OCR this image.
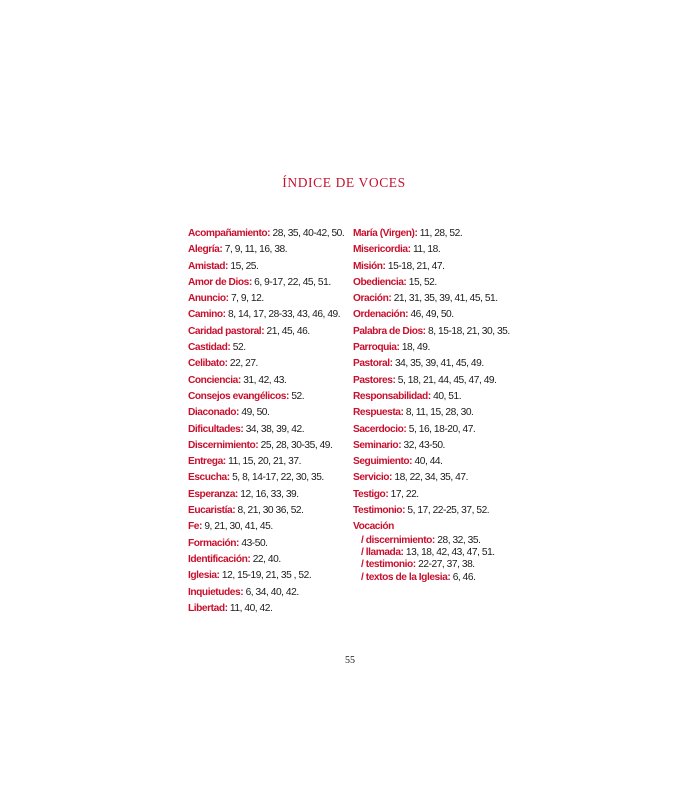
ÍNDICE DE VOCES
Acompañamiento: 28, 35, 40-42, 50.
Alegría: 7, 9, 11, 16, 38.
Amistad: 15, 25.
Amor de Dios: 6, 9-17, 22, 45, 51.
Anuncio: 7, 9, 12.
Camino: 8, 14, 17, 28-33, 43, 46, 49.
Caridad pastoral: 21, 45, 46.
Castidad: 52.
Celibato: 22, 27.
Conciencia: 31, 42, 43.
Consejos evangélicos: 52.
Diaconado: 49, 50.
Dificultades: 34, 38, 39, 42.
Discernimiento: 25, 28, 30-35, 49.
Entrega: 11, 15, 20, 21, 37.
Escucha: 5, 8, 14-17, 22, 30, 35.
Esperanza: 12, 16, 33, 39.
Eucaristía: 8, 21, 30 36, 52.
Fe: 9, 21, 30, 41, 45.
Formación: 43-50.
Identificación: 22, 40.
Iglesia: 12, 15-19, 21, 35 , 52.
Inquietudes: 6, 34, 40, 42.
Libertad: 11, 40, 42.
María (Virgen): 11, 28, 52.
Misericordia: 11, 18.
Misión: 15-18, 21, 47.
Obediencia: 15, 52.
Oración: 21, 31, 35, 39, 41, 45, 51.
Ordenación: 46, 49, 50.
Palabra de Dios: 8, 15-18, 21, 30, 35.
Parroquia: 18, 49.
Pastoral: 34, 35, 39, 41, 45, 49.
Pastores: 5, 18, 21, 44, 45, 47, 49.
Responsabilidad: 40, 51.
Respuesta: 8, 11, 15, 28, 30.
Sacerdocio: 5, 16, 18-20, 47.
Seminario: 32, 43-50.
Seguimiento: 40, 44.
Servicio: 18, 22, 34, 35, 47.
Testigo: 17, 22.
Testimonio: 5, 17, 22-25, 37, 52.
Vocación
/ discernimiento: 28, 32, 35.
/ llamada: 13, 18, 42, 43, 47, 51.
/ testimonio: 22-27, 37, 38.
/ textos de la Iglesia: 6, 46.
55
